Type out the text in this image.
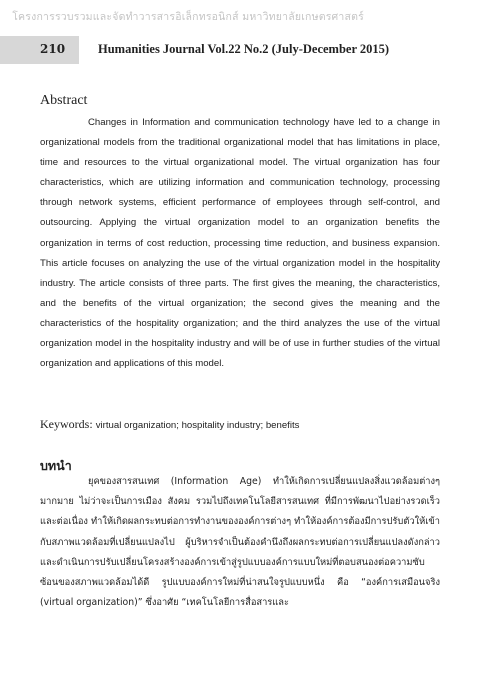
โครงการรวบรวมและจัดทำวารสารอิเล็กทรอนิกส์ มหาวิทยาลัยเกษตรศาสตร์
210	Humanities Journal Vol.22 No.2 (July-December 2015)
Abstract

Changes in Information and communication technology have led to a change in organizational models from the traditional organizational model that has limitations in place, time and resources to the virtual organizational model. The virtual organization has four characteristics, which are utilizing information and communication technology, processing through network systems, efficient performance of employees through self-control, and outsourcing. Applying the virtual organization model to an organization benefits the organization in terms of cost reduction, processing time reduction, and business expansion. This article focuses on analyzing the use of the virtual organization model in the hospitality industry. The article consists of three parts. The first gives the meaning, the characteristics, and the benefits of the virtual organization; the second gives the meaning and the characteristics of the hospitality organization; and the third analyzes the use of the virtual organization model in the hospitality industry and will be of use in further studies of the virtual organization and applications of this model.

Keywords: virtual organization; hospitality industry; benefits
บทนำ

ยุคของสารสนเทศ (Information Age) ทำให้เกิดการเปลี่ยนแปลงสิ่งแวดล้อมต่างๆ มากมาย ไม่ว่าจะเป็นการเมือง สังคม รวมไปถึงเทคโนโลยีสารสนเทศ ที่มีการพัฒนาไปอย่างรวดเร็วและต่อเนื่อง ทำให้เกิดผลกระทบต่อการทำงานขององค์การต่างๆ ทำให้องค์การต้องมีการปรับตัวให้เข้ากับสภาพแวดล้อมที่เปลี่ยนแปลงไป ผู้บริหารจำเป็นต้องคำนึงถึงผลกระทบต่อการเปลี่ยนแปลงดังกล่าว และดำเนินการปรับเปลี่ยนโครงสร้างองค์การเข้าสู่รูปแบบองค์การแบบใหม่ที่ตอบสนองต่อความซับซ้อนของสภาพแวดล้อมได้ดี รูปแบบองค์การใหม่ที่น่าสนใจรูปแบบหนึ่ง คือ “องค์การเสมือนจริง (virtual organization)” ซึ่งอาศัย “เทคโนโลยีการสื่อสารและ
